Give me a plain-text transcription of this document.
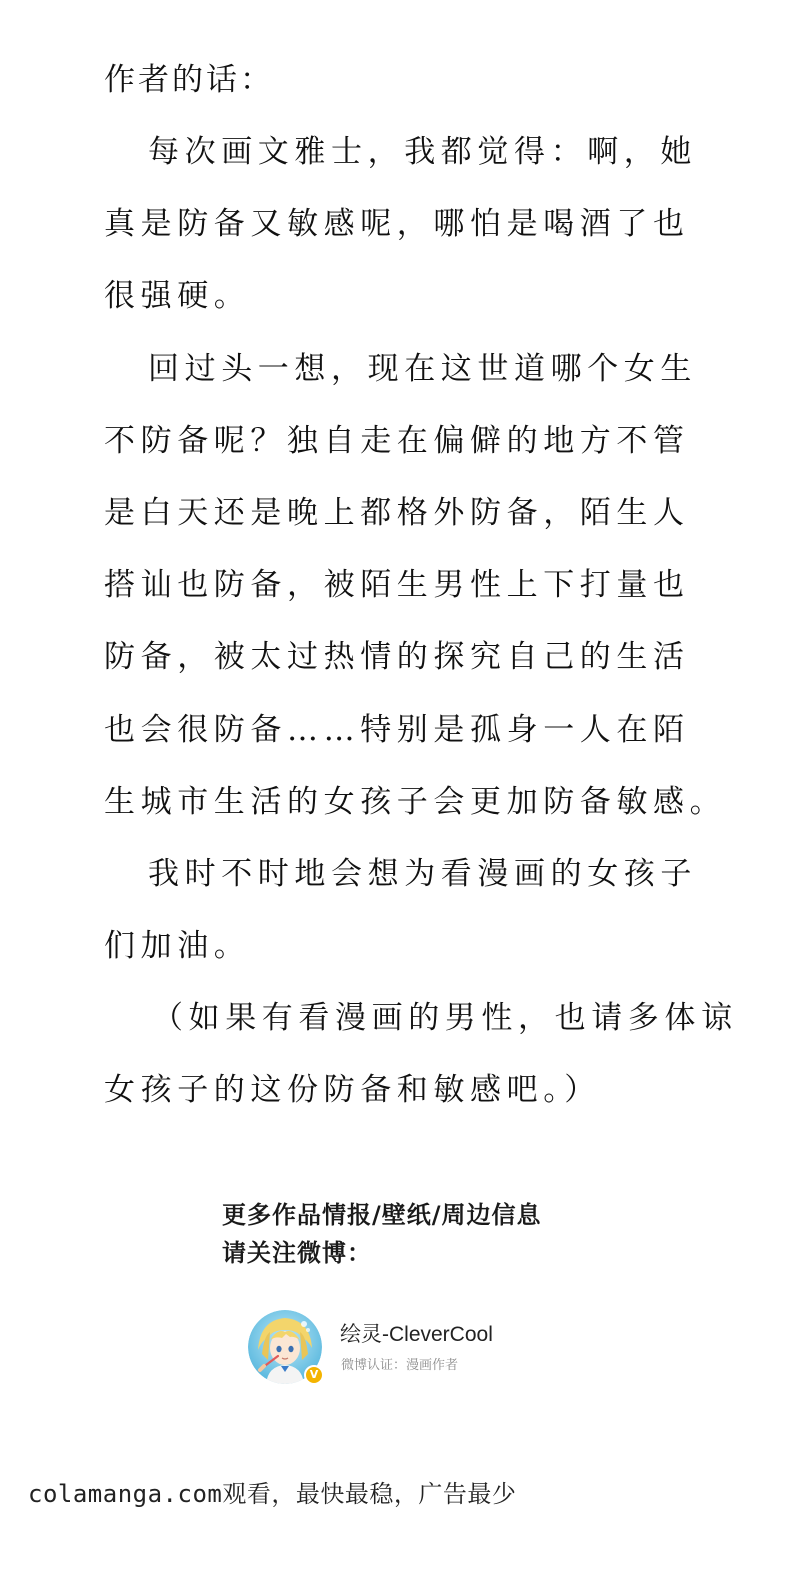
作者的话：
每次画文雅士，我都觉得：啊，她
真是防备又敏感呢，哪怕是喝酒了也
很强硬。
回过头一想，现在这世道哪个女生
不防备呢？独自走在偏僻的地方不管
是白天还是晚上都格外防备，陌生人
搭讪也防备，被陌生男性上下打量也
防备，被太过热情的探究自己的生活
也会很防备……特别是孤身一人在陌
生城市生活的女孩子会更加防备敏感。
我时不时地会想为看漫画的女孩子
们加油。
（如果有看漫画的男性，也请多体谅
女孩子的这份防备和敏感吧。）
更多作品情报/壁纸/周边信息
请关注微博：
V
绘灵-CleverCool
微博认证：漫画作者
colamanga.com观看，最快最稳，广告最少
